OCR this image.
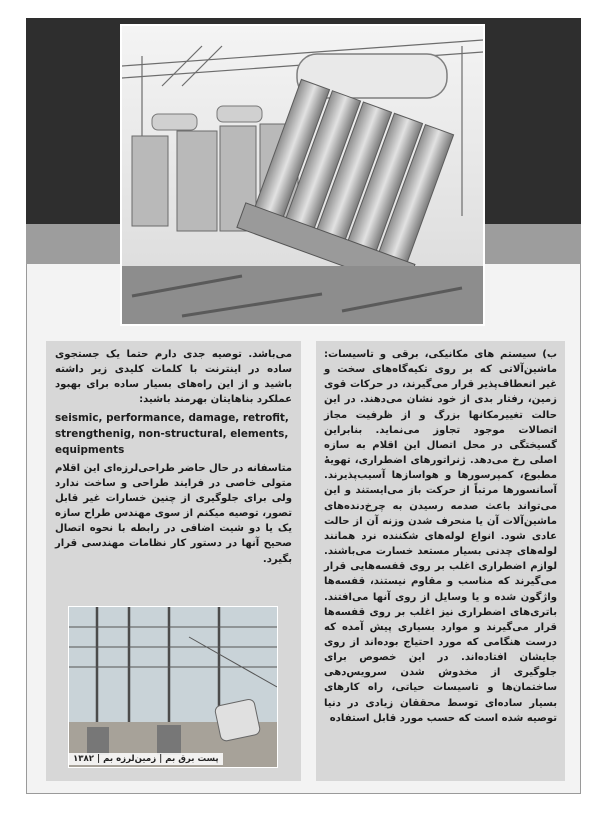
ب) سیستم های مکانیکی، برقی و تاسیسات: ماشین‌آلاتی که بر روی تکیه‌گاه‌های سخت و غیر انعطاف‌پذیر قرار می‌گیرند، در حرکات قوی زمین، رفتار بدی از خود نشان می‌دهند. در این حالت تغییرمکانها بزرگ و از ظرفیت مجاز اتصالات موجود تجاوز می‌نماید. بنابراین گسیختگی در محل اتصال این اقلام به سازه اصلی رخ می‌دهد. ژنراتورهای اضطراری، تهویهٔ مطبوع، کمپرسورها و هواسازها آسیب‌پذیرند. آسانسورها مرتباً از حرکت باز می‌ایستند و این می‌تواند باعث صدمه رسیدن به چرخ‌دنده‌های ماشین‌آلات آن یا منحرف شدن وزنه آن از حالت عادی شود. انواع لوله‌های شکننده نرد همانند لوله‌های چدنی بسیار مستعد خسارت می‌باشند. لوازم اضطراری اغلب بر روی قفسه‌هایی قرار می‌گیرند که مناسب و مقاوم نیستند، قفسه‌ها واژگون شده و یا وسایل از روی آنها می‌افتند. باتری‌های اضطراری نیز اغلب بر روی قفسه‌ها قرار می‌گیرند و موارد بسیاری پیش آمده که درست هنگامی که مورد احتیاج بوده‌اند از روی جایشان افتاده‌اند. در این خصوص برای جلوگیری از مخدوش شدن سرویس‌دهی ساختمان‌ها و تاسیسات حیاتی، راه کارهای بسیار ساده‌ای توسط محققان زیادی در دنیا توصیه شده است که حسب مورد قابل استفاده
می‌باشد. توصیه جدی دارم حتما یک جستجوی ساده در اینترنت با کلمات کلیدی زیر داشته باشید و از این راه‌های بسیار ساده برای بهبود عملکرد بناهایتان بهرمند باشید:
seismic, performance, damage, retrofit, strengthenig, non-structural, elements, equipments
متاسفانه در حال حاضر طراحی‌لرزه‌ای این اقلام متولی خاصی در فرایند طراحی و ساخت ندارد ولی برای جلوگیری از چنین خسارات غیر قابل تصور، توصیه میکنم از سوی مهندس طراح سازه یک یا دو شیت اضافی در رابطه با نحوه اتصال صحیح آنها در دستور کار نظامات مهندسی قرار بگیرد.
پست برق بم | زمین‌لرزه بم | ۱۳۸۲
